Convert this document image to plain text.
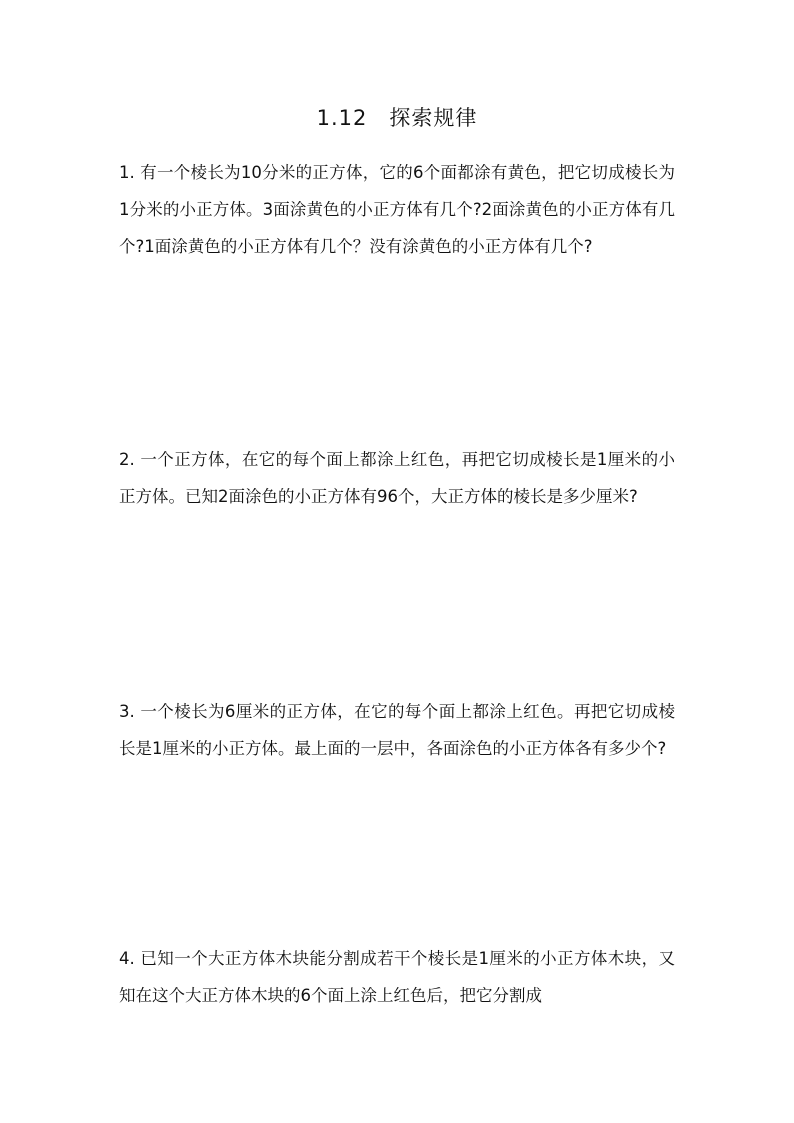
1.12　探索规律
1. 有一个棱长为10分米的正方体，它的6个面都涂有黄色，把它切成棱长为1分米的小正方体。3面涂黄色的小正方体有几个?2面涂黄色的小正方体有几个?1面涂黄色的小正方体有几个？没有涂黄色的小正方体有几个?
2. 一个正方体，在它的每个面上都涂上红色，再把它切成棱长是1厘米的小正方体。已知2面涂色的小正方体有96个，大正方体的棱长是多少厘米?
3. 一个棱长为6厘米的正方体，在它的每个面上都涂上红色。再把它切成棱长是1厘米的小正方体。最上面的一层中，各面涂色的小正方体各有多少个?
4. 已知一个大正方体木块能分割成若干个棱长是1厘米的小正方体木块，又知在这个大正方体木块的6个面上涂上红色后，把它分割成
